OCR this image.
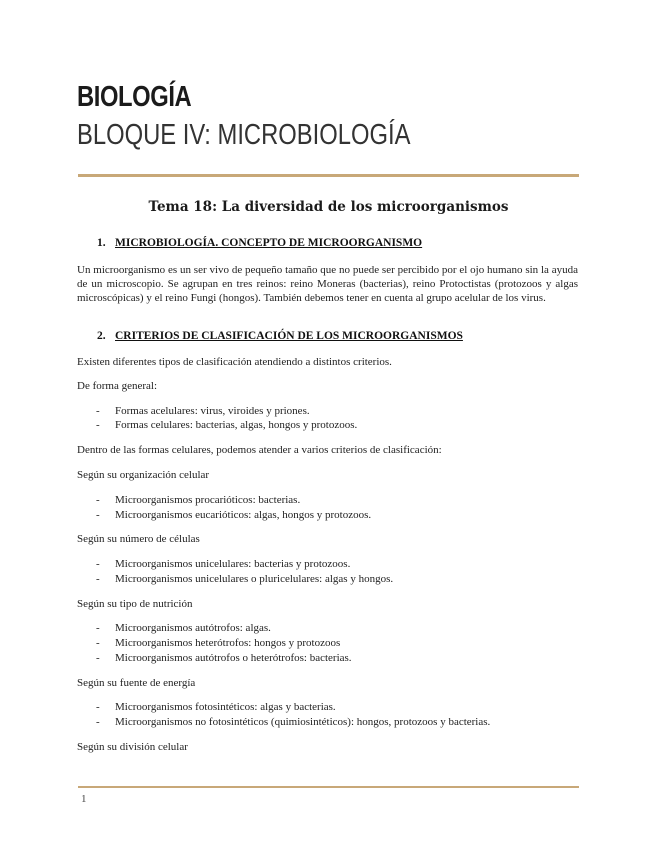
BIOLOGÍA
BLOQUE IV: MICROBIOLOGÍA
Tema 18: La diversidad de los microorganismos
1. MICROBIOLOGÍA. CONCEPTO DE MICROORGANISMO

Un microorganismo es un ser vivo de pequeño tamaño que no puede ser percibido por el ojo humano sin la ayuda de un microscopio. Se agrupan en tres reinos: reino Moneras (bacterias), reino Protoctistas (protozoos y algas microscópicas) y el reino Fungi (hongos). También debemos tener en cuenta al grupo acelular de los virus.

2. CRITERIOS DE CLASIFICACIÓN DE LOS MICROORGANISMOS
Existen diferentes tipos de clasificación atendiendo a distintos criterios.
De forma general:
- Formas acelulares: virus, viroides y priones.
- Formas celulares: bacterias, algas, hongos y protozoos.
Dentro de las formas celulares, podemos atender a varios criterios de clasificación:
Según su organización celular
- Microorganismos procarióticos: bacterias.
- Microorganismos eucarióticos: algas, hongos y protozoos.
Según su número de células
- Microorganismos unicelulares: bacterias y protozoos.
- Microorganismos unicelulares o pluricelulares: algas y hongos.
Según su tipo de nutrición
- Microorganismos autótrofos: algas.
- Microorganismos heterótrofos: hongos y protozoos
- Microorganismos autótrofos o heterótrofos: bacterias.
Según su fuente de energía
- Microorganismos fotosintéticos: algas y bacterias.
- Microorganismos no fotosintéticos (quimiosintéticos): hongos, protozoos y bacterias.
Según su división celular
1
